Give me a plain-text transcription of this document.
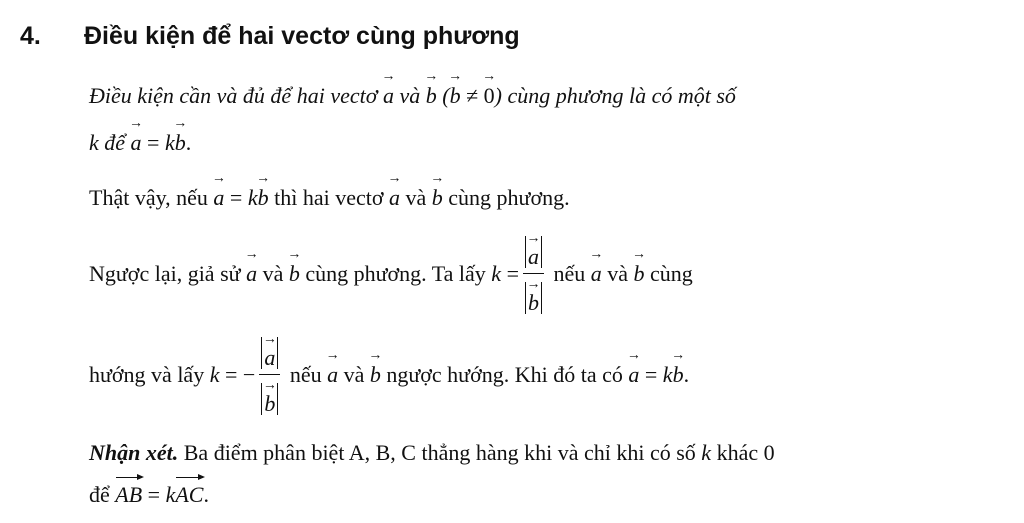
4. Điều kiện để hai vectơ cùng phương
Điều kiện cần và đủ để hai vectơ
→
a và
→
b (
→
b ≠
→
0) cùng phương là có một số
k để
→
a = k
→
b.
Thật vậy, nếu
→
a = k
→
b thì hai vectơ
→
a và
→
b cùng phương.
Ngược lại, giả sử
→
a và
→
b cùng phương. Ta lấy k = →
a
→
b nếu
→
a và
→
b cùng
hướng và lấy k = − →
a
→
b nếu
→
a và
→
b ngược hướng. Khi đó ta có
→
a = k
→
b.
Nhận xét. Ba điểm phân biệt A, B, C thẳng hàng khi và chỉ khi có số k khác 0
để
AB = k
AC.
